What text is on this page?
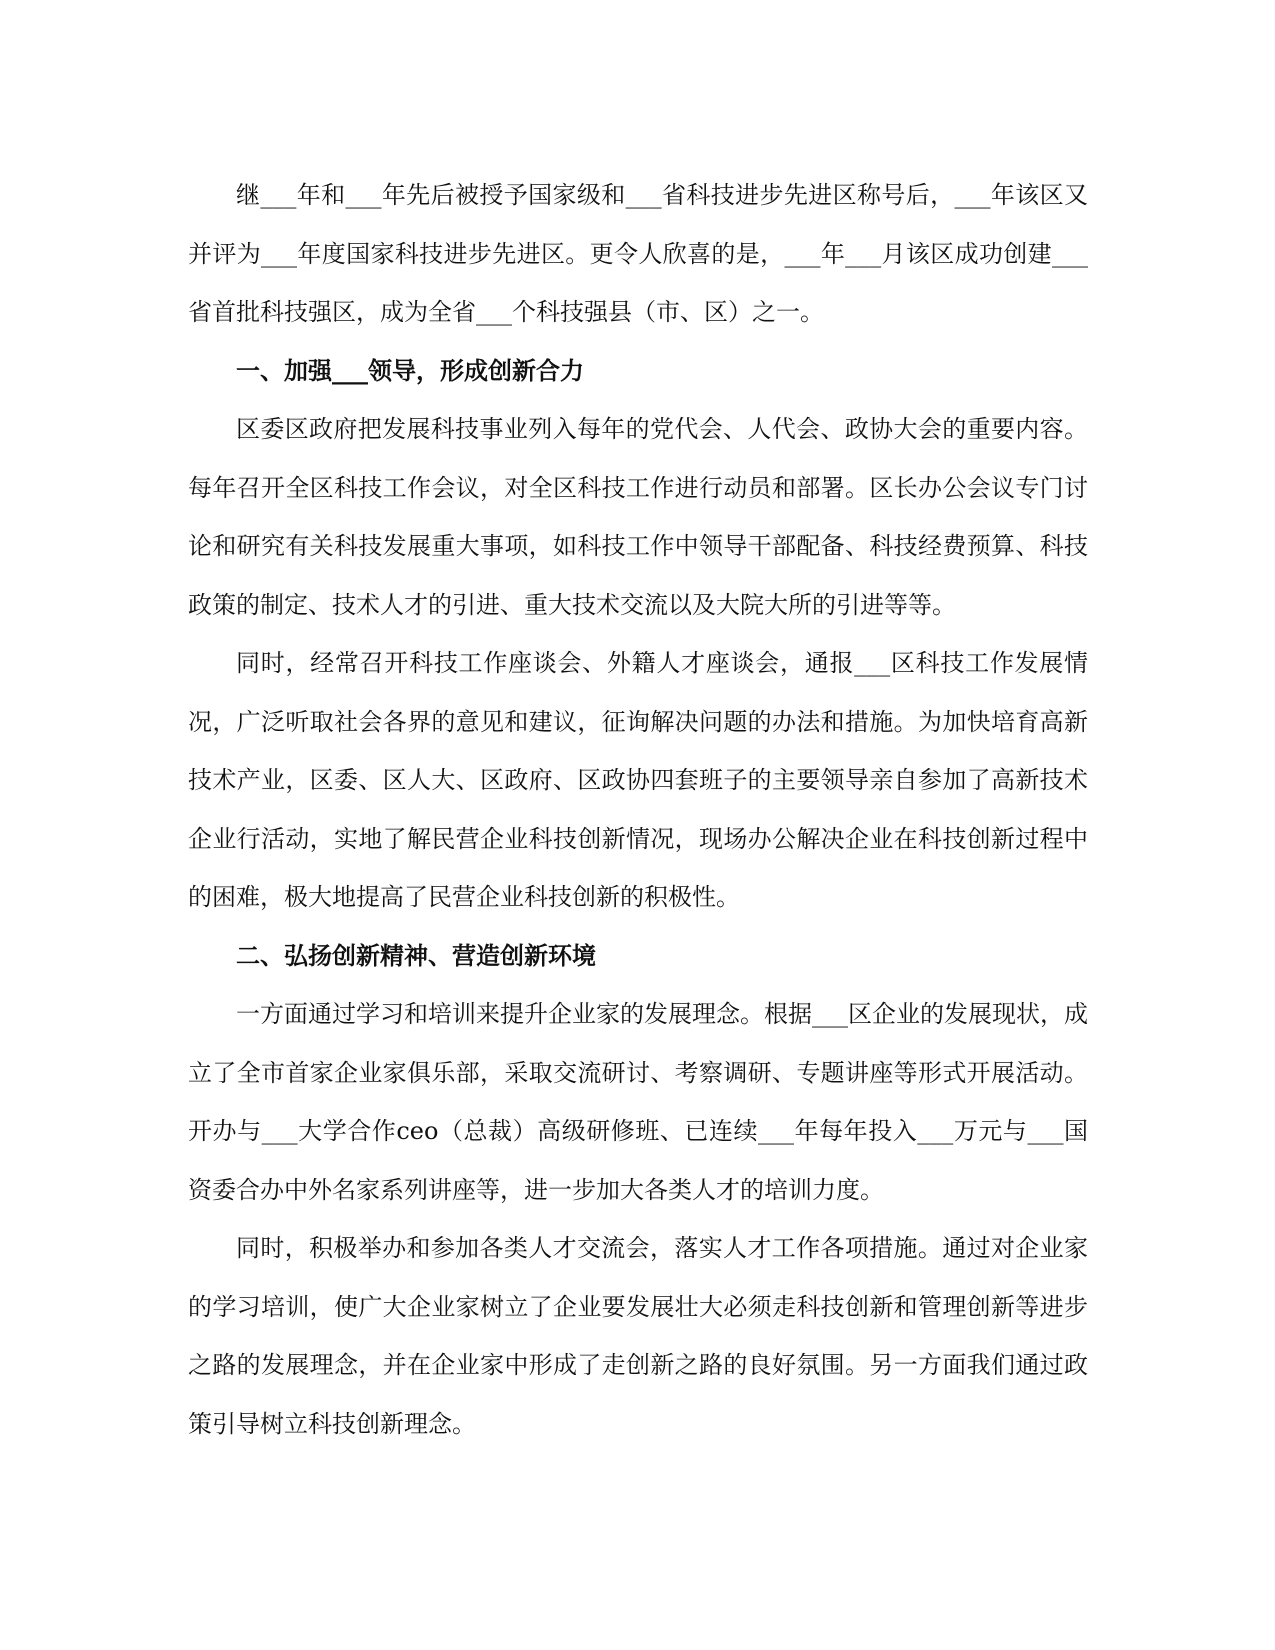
继___年和___年先后被授予国家级和___省科技进步先进区称号后，___年该区又并评为___年度国家科技进步先进区。更令人欣喜的是，___年___月该区成功创建___省首批科技强区，成为全省___个科技强县（市、区）之一。

一、加强___领导，形成创新合力

区委区政府把发展科技事业列入每年的党代会、人代会、政协大会的重要内容。每年召开全区科技工作会议，对全区科技工作进行动员和部署。区长办公会议专门讨论和研究有关科技发展重大事项，如科技工作中领导干部配备、科技经费预算、科技政策的制定、技术人才的引进、重大技术交流以及大院大所的引进等等。

同时，经常召开科技工作座谈会、外籍人才座谈会，通报___区科技工作发展情况，广泛听取社会各界的意见和建议，征询解决问题的办法和措施。为加快培育高新技术产业，区委、区人大、区政府、区政协四套班子的主要领导亲自参加了高新技术企业行活动，实地了解民营企业科技创新情况，现场办公解决企业在科技创新过程中的困难，极大地提高了民营企业科技创新的积极性。

二、弘扬创新精神、营造创新环境

一方面通过学习和培训来提升企业家的发展理念。根据___区企业的发展现状，成立了全市首家企业家俱乐部，采取交流研讨、考察调研、专题讲座等形式开展活动。开办与___大学合作ceo（总裁）高级研修班、已连续___年每年投入___万元与___国资委合办中外名家系列讲座等，进一步加大各类人才的培训力度。

同时，积极举办和参加各类人才交流会，落实人才工作各项措施。通过对企业家的学习培训，使广大企业家树立了企业要发展壮大必须走科技创新和管理创新等进步之路的发展理念，并在企业家中形成了走创新之路的良好氛围。另一方面我们通过政策引导树立科技创新理念。
